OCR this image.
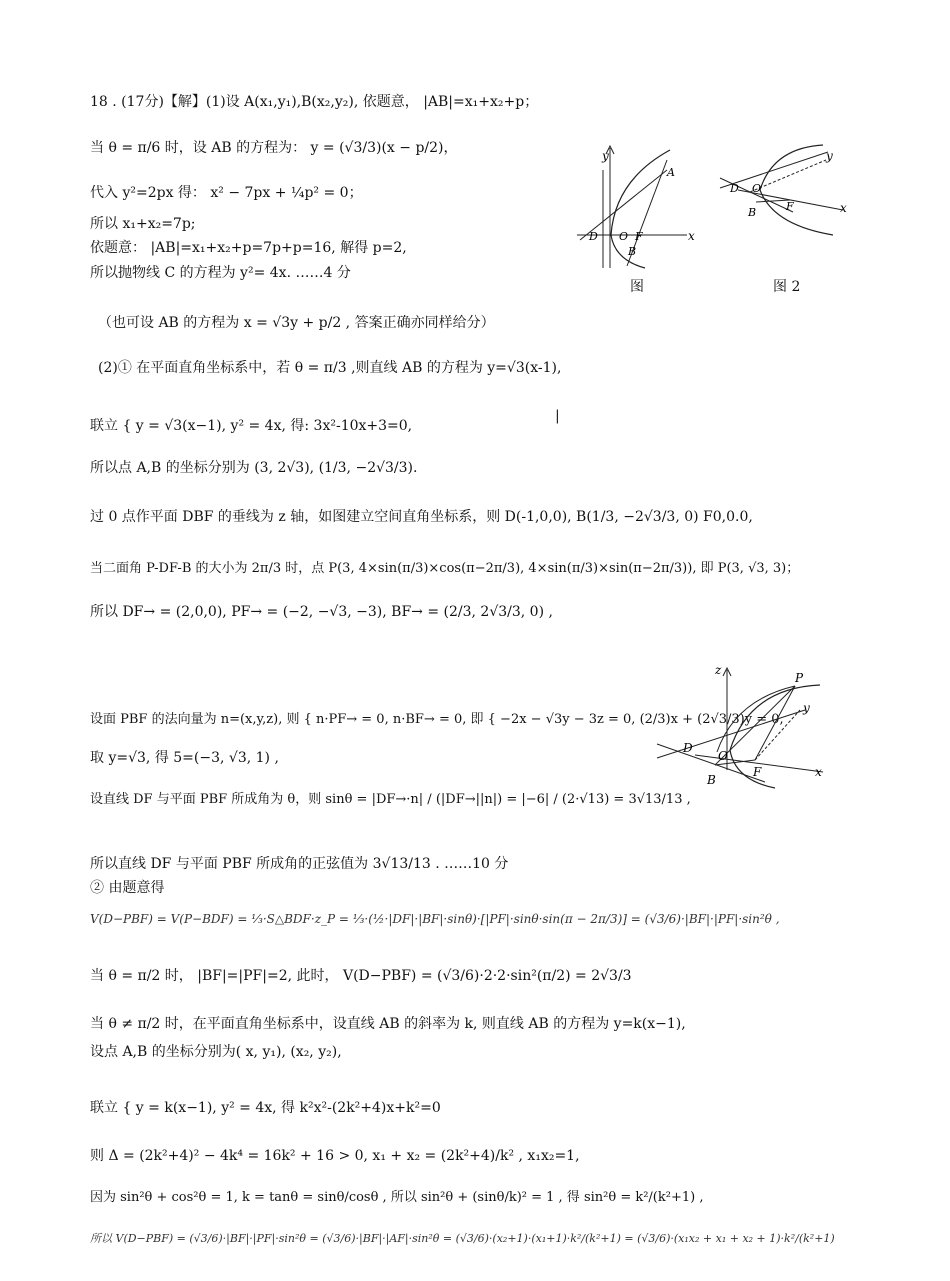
18 . (17分)【解】(1)设 A(x₁,y₁),B(x₂,y₂), 依题意， |AB|=x₁+x₂+p；
当 θ = π/6 时，设 AB 的方程为： y = (√3/3)(x − p/2)，
代入 y²=2px 得： x² − 7px + ¼p² = 0；
所以 x₁+x₂=7p;
依题意： |AB|=x₁+x₂+p=7p+p=16, 解得 p=2,
所以抛物线 C 的方程为 y²= 4x. ……4 分
（也可设 AB 的方程为 x = √3y + p/2 , 答案正确亦同样给分）
(2)① 在平面直角坐标系中，若 θ = π/3 ,则直线 AB 的方程为 y=√3(x-1),
联立 { y = √3(x−1), y² = 4x, 得: 3x²-10x+3=0,
|
所以点 A,B 的坐标分别为 (3, 2√3), (1/3, −2√3/3).
过 0 点作平面 DBF 的垂线为 z 轴，如图建立空间直角坐标系，则 D(-1,0,0), B(1/3, −2√3/3, 0) F0,0.0,
当二面角 P-DF-B 的大小为 2π/3 时，点 P(3, 4×sin(π/3)×cos(π−2π/3), 4×sin(π/3)×sin(π−2π/3)), 即 P(3, √3, 3)；
所以 DF→ = (2,0,0), PF→ = (−2, −√3, −3), BF→ = (2/3, 2√3/3, 0) ,
设面 PBF 的法向量为 n=(x,y,z), 则 { n·PF→ = 0, n·BF→ = 0, 即 { −2x − √3y − 3z = 0, (2/3)x + (2√3/3)y = 0,
取 y=√3, 得 5=(−3, √3, 1) ,
设直线 DF 与平面 PBF 所成角为 θ，则 sinθ = |DF→·n| / (|DF→||n|) = |−6| / (2·√13) = 3√13/13 ,
所以直线 DF 与平面 PBF 所成角的正弦值为 3√13/13 . ……10 分
② 由题意得
V(D−PBF) = V(P−BDF) = ⅓·S△BDF·z_P = ⅓·(½·|DF|·|BF|·sinθ)·[|PF|·sinθ·sin(π − 2π/3)] = (√3/6)·|BF|·|PF|·sin²θ ,
当 θ = π/2 时， |BF|=|PF|=2, 此时， V(D−PBF) = (√3/6)·2·2·sin²(π/2) = 2√3/3
当 θ ≠ π/2 时，在平面直角坐标系中，设直线 AB 的斜率为 k, 则直线 AB 的方程为 y=k(x−1),
设点 A,B 的坐标分别为( x, y₁), (x₂, y₂),
联立 { y = k(x−1), y² = 4x, 得 k²x²-(2k²+4)x+k²=0
则 Δ = (2k²+4)² − 4k⁴ = 16k² + 16 > 0, x₁ + x₂ = (2k²+4)/k² , x₁x₂=1,
因为 sin²θ + cos²θ = 1, k = tanθ = sinθ/cosθ , 所以 sin²θ + (sinθ/k)² = 1 , 得 sin²θ = k²/(k²+1) ,
所以 V(D−PBF) = (√3/6)·|BF|·|PF|·sin²θ = (√3/6)·|BF|·|AF|·sin²θ = (√3/6)·(x₂+1)·(x₁+1)·k²/(k²+1) = (√3/6)·(x₁x₂ + x₁ + x₂ + 1)·k²/(k²+1)
y
x
A
D O F
B
图
y
x
D O
B	F
图 2
z
P
y
D
O
B
F	x
